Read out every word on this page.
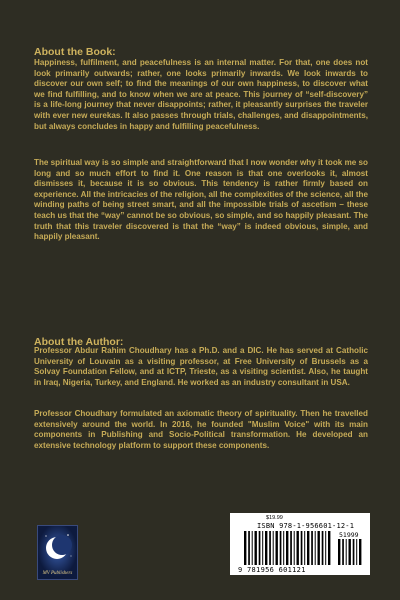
About the Book:

Happiness, fulfilment, and peacefulness is an internal matter. For that, one does not look primarily outwards; rather, one looks primarily inwards. We look inwards to discover our own self; to find the meanings of our own happiness, to discover what we find fulfilling, and to know when we are at peace. This journey of “self-discovery” is a life-long journey that never disappoints; rather, it pleasantly surprises the traveler with ever new eurekas. It also passes through trials, challenges, and disappointments, but always concludes in happy and fulfilling peacefulness.

The spiritual way is so simple and straightforward that I now wonder why it took me so long and so much effort to find it. One reason is that one overlooks it, almost dismisses it, because it is so obvious. This tendency is rather firmly based on experience. All the intricacies of the religion, all the complexities of the science, all the winding paths of being street smart, and all the impossible trials of ascetism – these teach us that the “way” cannot be so obvious, so simple, and so happily pleasant. The truth that this traveler discovered is that the “way” is indeed obvious, simple, and happily pleasant.

About the Author:

Professor Abdur Rahim Choudhary has a Ph.D. and a DIC. He has served at Catholic University of Louvain as a visiting professor, at Free University of Brussels as a Solvay Foundation Fellow, and at ICTP, Trieste, as a visiting scientist. Also, he taught in Iraq, Nigeria, Turkey, and England. He worked as an industry consultant in USA.

Professor Choudhary formulated an axiomatic theory of spirituality. Then he travelled extensively around the world. In 2016, he founded "Muslim Voice" with its main components in Publishing and Socio-Political transformation. He developed an extensive technology platform to support these components.

MV Publishers
$19.99
ISBN 978-1-956601-12-1
51999
9 781956 601121
